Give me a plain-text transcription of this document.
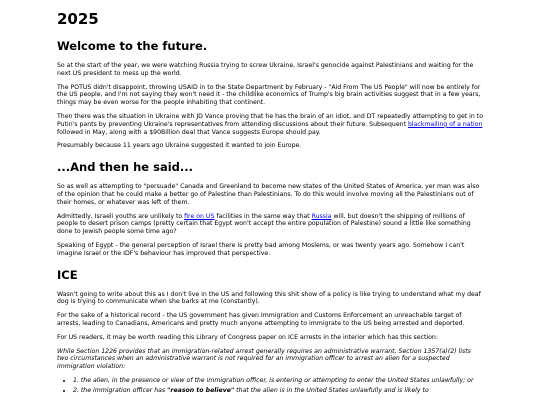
2025
Welcome to the future.

So at the start of the year, we were watching Russia trying to screw Ukraine, Israel's genocide against Palestinians and waiting for the next US president to mess up the world.

The POTUS didn't disappoint, throwing USAID in to the State Department by February - "Aid From The US People" will now be entirely for the US people, and I'm not saying they won't need it - the childlike economics of Trump's big brain activities suggest that in a few years, things may be even worse for the people inhabiting that continent.

Then there was the situation in Ukraine with JD Vance proving that he has the brain of an idiot, and DT repeatedly attempting to get in to Putin's pants by preventing Ukraine's representatives from attending discussions about their future. Subsequent blackmailing of a nation followed in May, along with a $90Billion deal that Vance suggests Europe should pay.

Presumably because 11 years ago Ukraine suggested it wanted to join Europe.

...And then he said...

So as well as attempting to "persuade" Canada and Greenland to become new states of the United States of America, yer man was also of the opinion that he could make a better go of Palestine than Palestinians. To do this would involve moving all the Palestinians out of their homes, or whatever was left of them.

Admittedly, Israeli youths are unlikely to fire on US facilities in the same way that Russia will, but doesn't the shipping of millions of people to desert prison camps (pretty certain that Egypt won't accept the entire population of Palestine) sound a little like something done to Jewish people some time ago?

Speaking of Egypt - the general perception of Israel there is pretty bad among Moslems, or was twenty years ago. Somehow I can't imagine Israel or the IDF's behaviour has improved that perspective.

ICE

Wasn't going to write about this as I don't live in the US and following this shit show of a policy is like trying to understand what my deaf dog is trying to communicate when she barks at me (constantly).

For the sake of a historical record - the US government has given Immigration and Customs Enforcement an unreachable target of arrests, leading to Canadians, Americans and pretty much anyone attempting to immigrate to the US being arrested and deported.

For US readers, it may be worth reading this Library of Congress paper on ICE arrests in the interior which has this section:

While Section 1226 provides that an immigration-related arrest generally requires an administrative warrant, Section 1357(a)(2) lists two circumstances when an administrative warrant is not required for an immigration officer to arrest an alien for a suspected immigration violation:

• 1. the alien, in the presence or view of the immigration officer, is entering or attempting to enter the United States unlawfully; or
• 2. the immigration officer has "reason to believe" that the alien is in the United States unlawfully and is likely to
